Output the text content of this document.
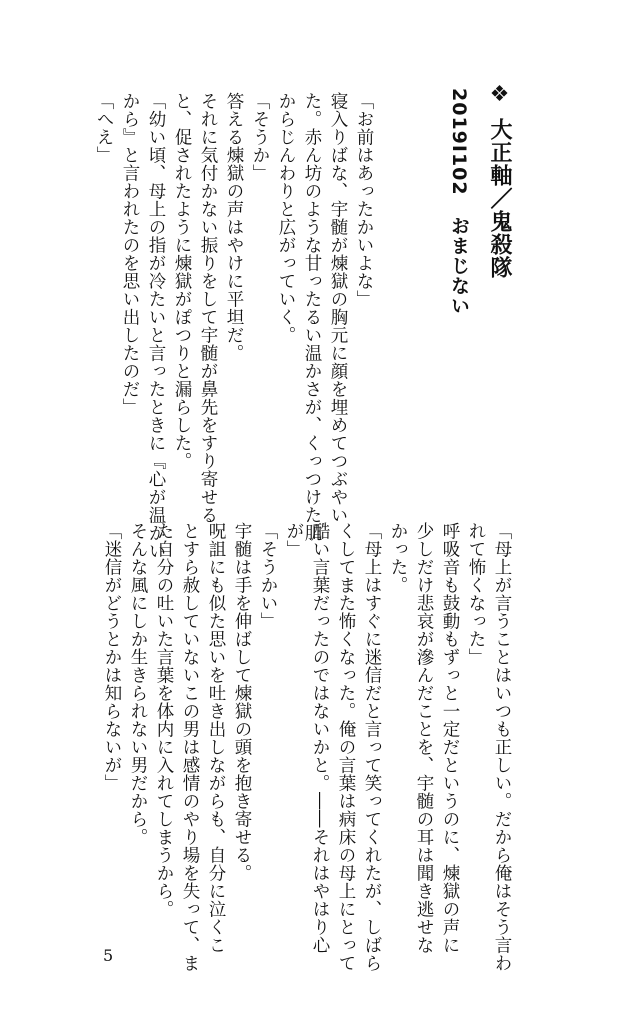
❖大正軸／鬼殺隊
2019I102　おまじない
「お前はあったかいよな」
寝入りばな、宇髄が煉獄の胸元に顔を埋めてつぶやい
た。赤ん坊のような甘ったるい温かさが、くっつけた肌
からじんわりと広がっていく。
「そうか」
答える煉獄の声はやけに平坦だ。
それに気付かない振りをして宇髄が鼻先をすり寄せる
と、促されたように煉獄がぽつりと漏らした。
「幼い頃、母上の指が冷たいと言ったときに『心が温かい
から』と言われたのを思い出したのだ」
「へえ」
「母上が言うことはいつも正しい。だから俺はそう言わ
れて怖くなった」
呼吸音も鼓動もずっと一定だというのに、煉獄の声に
少しだけ悲哀が滲んだことを、宇髄の耳は聞き逃せな
かった。
「母上はすぐに迷信だと言って笑ってくれたが、しばら
くしてまた怖くなった。俺の言葉は病床の母上にとって
酷い言葉だったのではないかと。――それはやはり心
が」
「そうかい」
宇髄は手を伸ばして煉獄の頭を抱き寄せる。
呪詛にも似た思いを吐き出しながらも、自分に泣くこ
とすら赦していないこの男は感情のやり場を失って、ま
た自分の吐いた言葉を体内に入れてしまうから。
そんな風にしか生きられない男だから。
「迷信がどうとかは知らないが」
5
